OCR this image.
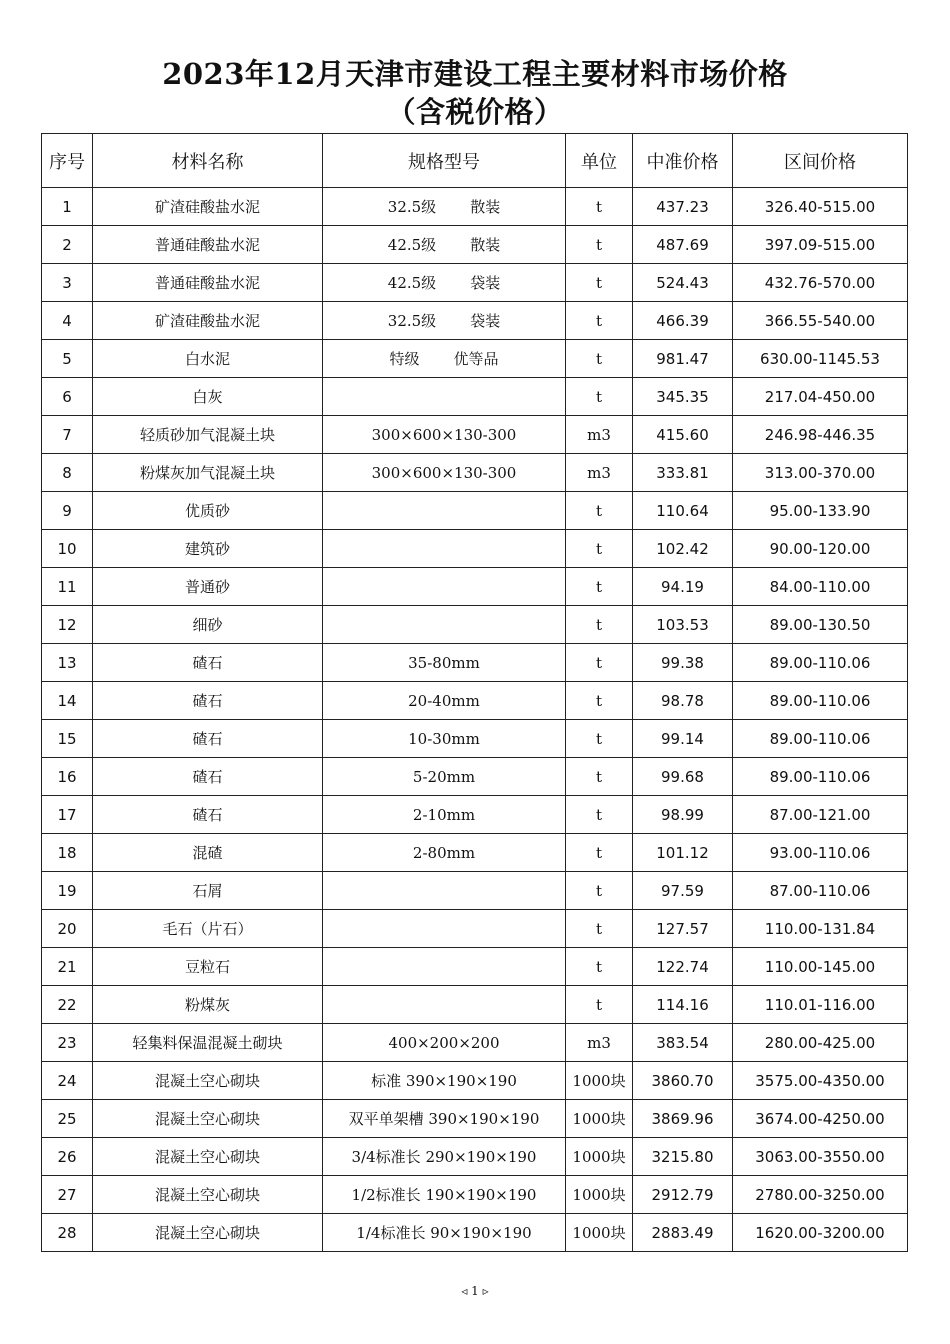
2023年12月天津市建设工程主要材料市场价格
（含税价格）
序号	材料名称	规格型号	单位	中准价格	区间价格
1	矿渣硅酸盐水泥	32.5级 散装	t	437.23	326.40-515.00
2	普通硅酸盐水泥	42.5级 散装	t	487.69	397.09-515.00
3	普通硅酸盐水泥	42.5级 袋装	t	524.43	432.76-570.00
4	矿渣硅酸盐水泥	32.5级 袋装	t	466.39	366.55-540.00
5	白水泥	特级 优等品	t	981.47	630.00-1145.53
6	白灰		t	345.35	217.04-450.00
7	轻质砂加气混凝土块	300×600×130-300	m3	415.60	246.98-446.35
8	粉煤灰加气混凝土块	300×600×130-300	m3	333.81	313.00-370.00
9	优质砂		t	110.64	95.00-133.90
10	建筑砂		t	102.42	90.00-120.00
11	普通砂		t	94.19	84.00-110.00
12	细砂		t	103.53	89.00-130.50
13	碴石	35-80mm	t	99.38	89.00-110.06
14	碴石	20-40mm	t	98.78	89.00-110.06
15	碴石	10-30mm	t	99.14	89.00-110.06
16	碴石	5-20mm	t	99.68	89.00-110.06
17	碴石	2-10mm	t	98.99	87.00-121.00
18	混碴	2-80mm	t	101.12	93.00-110.06
19	石屑		t	97.59	87.00-110.06
20	毛石（片石）		t	127.57	110.00-131.84
21	豆粒石		t	122.74	110.00-145.00
22	粉煤灰		t	114.16	110.01-116.00
23	轻集料保温混凝土砌块	400×200×200	m3	383.54	280.00-425.00
24	混凝土空心砌块	标准 390×190×190	1000块	3860.70	3575.00-4350.00
25	混凝土空心砌块	双平单架槽 390×190×190	1000块	3869.96	3674.00-4250.00
26	混凝土空心砌块	3/4标准长 290×190×190	1000块	3215.80	3063.00-3550.00
27	混凝土空心砌块	1/2标准长 190×190×190	1000块	2912.79	2780.00-3250.00
28	混凝土空心砌块	1/4标准长 90×190×190	1000块	2883.49	1620.00-3200.00
◃ 1 ▹
